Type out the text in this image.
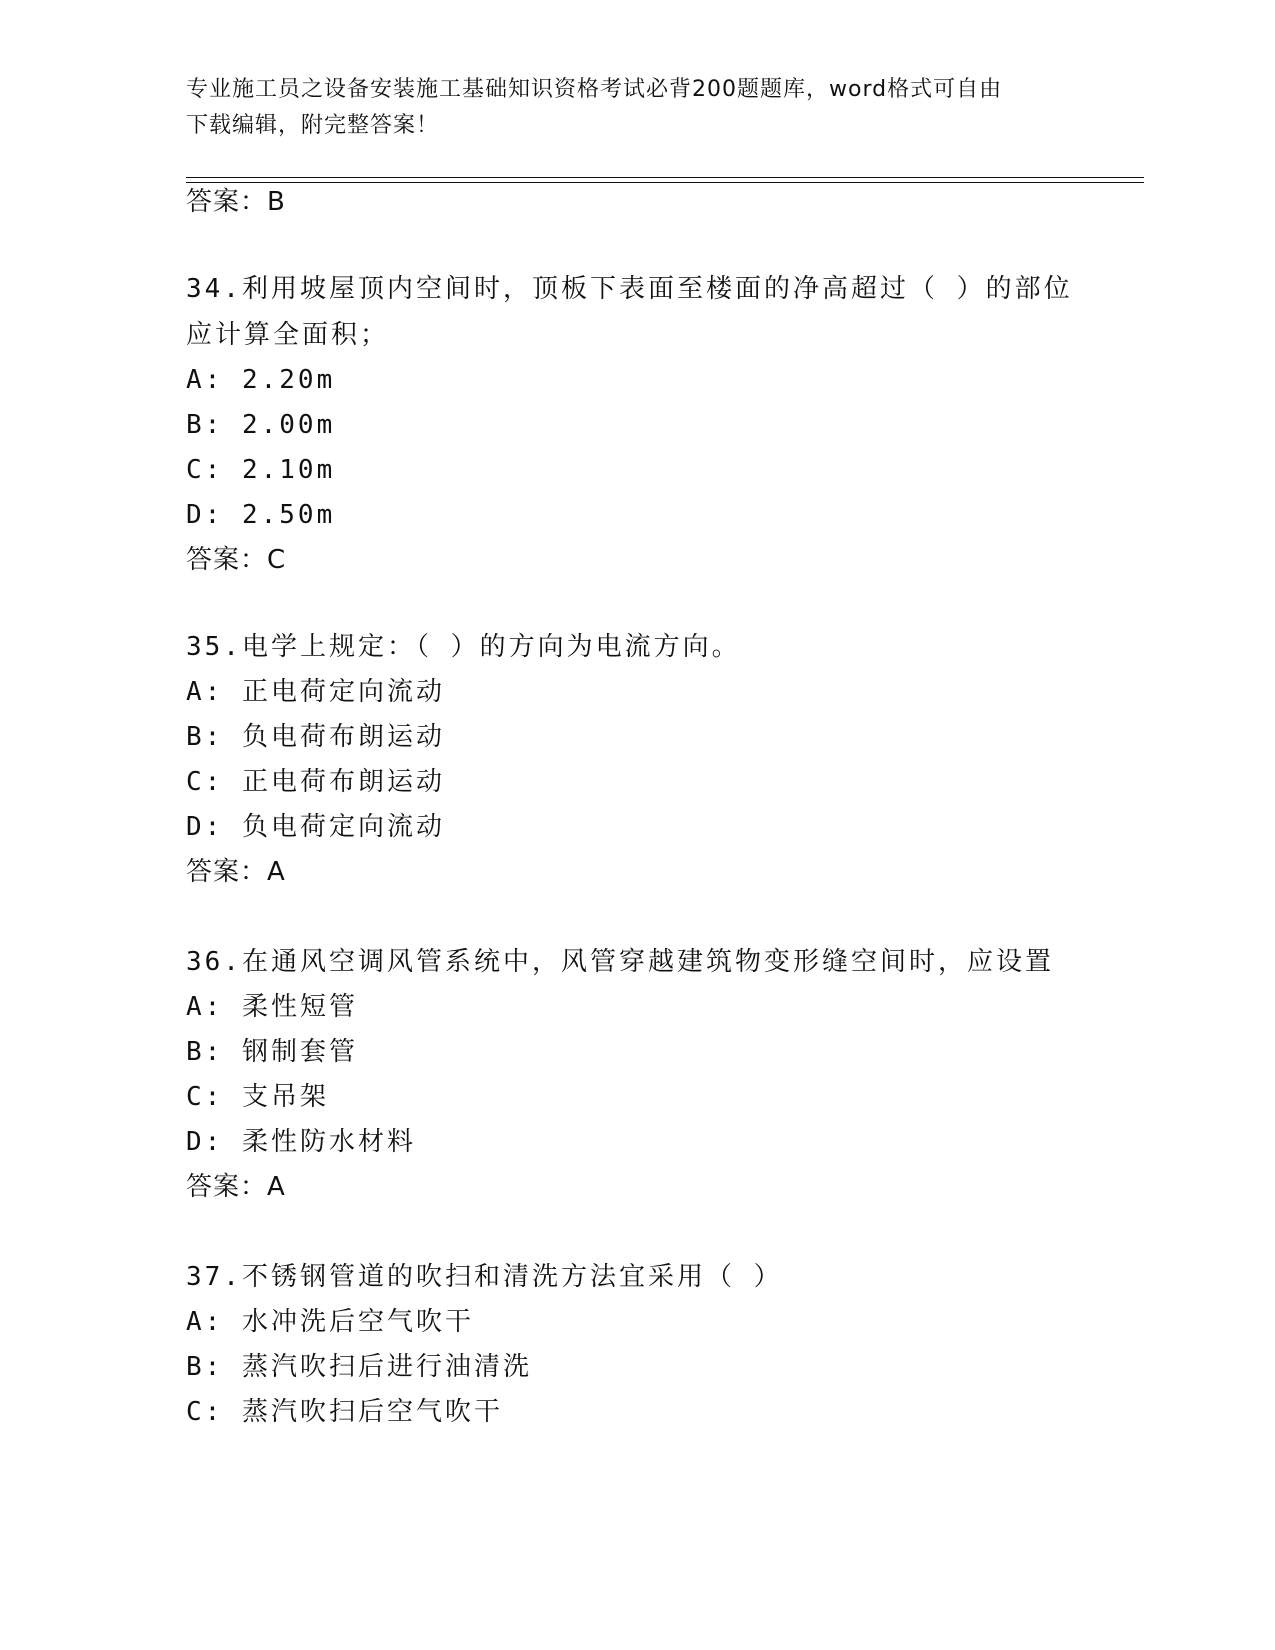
专业施工员之设备安装施工基础知识资格考试必背200题题库，word格式可自由
下载编辑，附完整答案！
答案：B
34.利用坡屋顶内空间时，顶板下表面至楼面的净高超过（ ）的部位
应计算全面积；
A: 2.20m
B: 2.00m
C: 2.10m
D: 2.50m
答案：C
35.电学上规定：（ ）的方向为电流方向。
A: 正电荷定向流动
B: 负电荷布朗运动
C: 正电荷布朗运动
D: 负电荷定向流动
答案：A
36.在通风空调风管系统中，风管穿越建筑物变形缝空间时，应设置
A: 柔性短管
B: 钢制套管
C: 支吊架
D: 柔性防水材料
答案：A
37.不锈钢管道的吹扫和清洗方法宜采用（ ）
A: 水冲洗后空气吹干
B: 蒸汽吹扫后进行油清洗
C: 蒸汽吹扫后空气吹干
